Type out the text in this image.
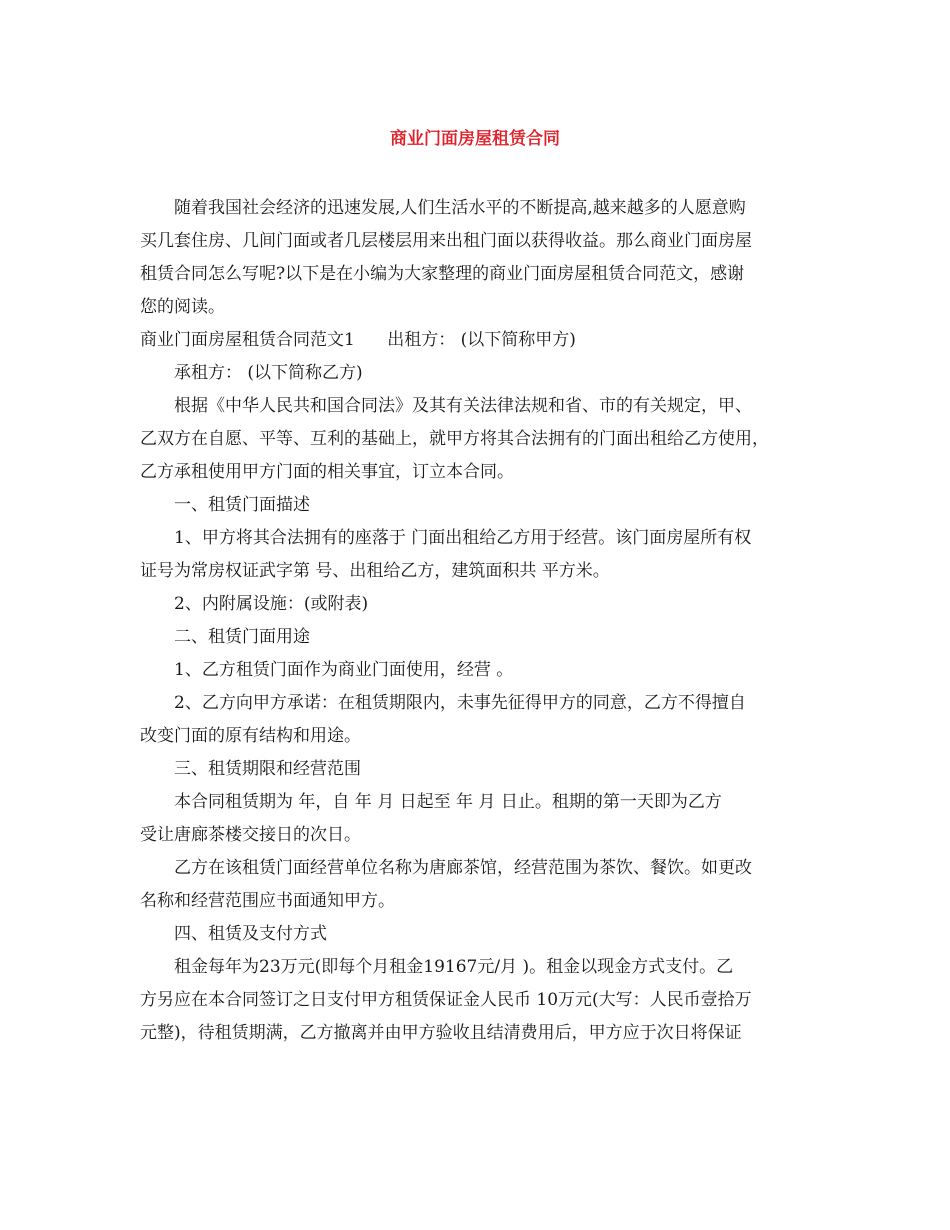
商业门面房屋租赁合同
随着我国社会经济的迅速发展,人们生活水平的不断提高,越来越多的人愿意购
买几套住房、几间门面或者几层楼层用来出租门面以获得收益。那么商业门面房屋
租赁合同怎么写呢?以下是在小编为大家整理的商业门面房屋租赁合同范文，感谢
您的阅读。
商业门面房屋租赁合同范文1      出租方： (以下简称甲方)
承租方： (以下简称乙方)
根据《中华人民共和国合同法》及其有关法律法规和省、市的有关规定，甲、
乙双方在自愿、平等、互利的基础上，就甲方将其合法拥有的门面出租给乙方使用，
乙方承租使用甲方门面的相关事宜，订立本合同。
一、租赁门面描述
1、甲方将其合法拥有的座落于 门面出租给乙方用于经营。该门面房屋所有权
证号为常房权证武字第 号、出租给乙方，建筑面积共 平方米。
2、内附属设施：(或附表)
二、租赁门面用途
1、乙方租赁门面作为商业门面使用，经营 。
2、乙方向甲方承诺：在租赁期限内，未事先征得甲方的同意，乙方不得擅自
改变门面的原有结构和用途。
三、租赁期限和经营范围
本合同租赁期为 年，自 年 月 日起至 年 月 日止。租期的第一天即为乙方
受让唐廊茶楼交接日的次日。
乙方在该租赁门面经营单位名称为唐廊茶馆，经营范围为茶饮、餐饮。如更改
名称和经营范围应书面通知甲方。
四、租赁及支付方式
租金每年为23万元(即每个月租金19167元/月 )。租金以现金方式支付。乙
方另应在本合同签订之日支付甲方租赁保证金人民币 10万元(大写：人民币壹拾万
元整)，待租赁期满，乙方撤离并由甲方验收且结清费用后，甲方应于次日将保证
